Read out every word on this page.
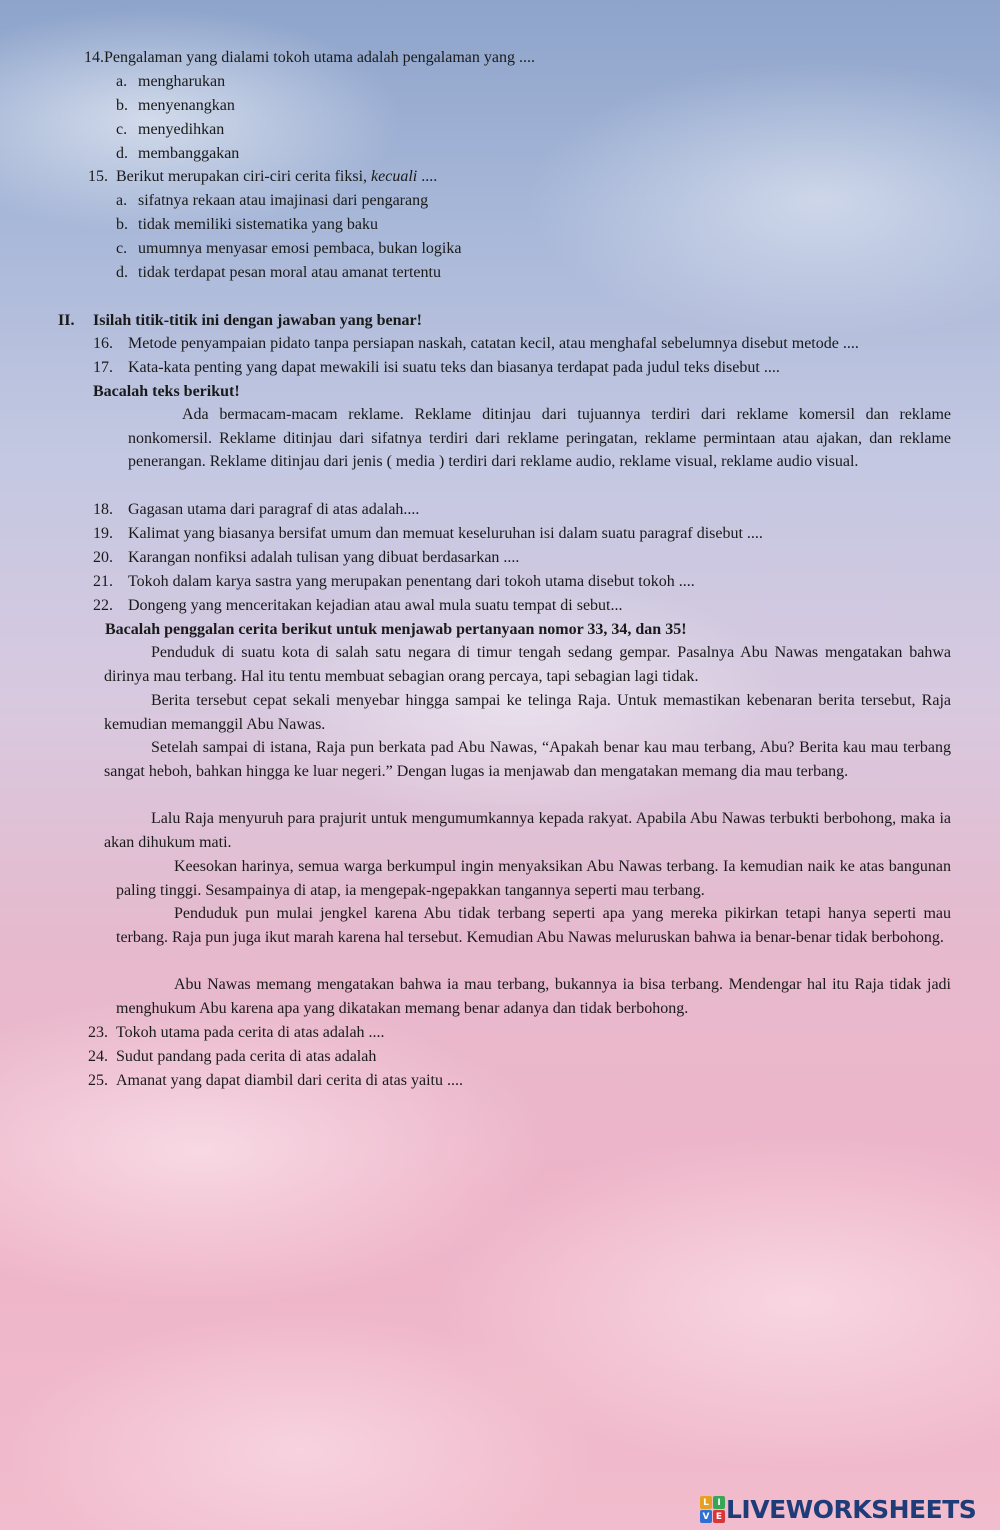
14.Pengalaman yang dialami tokoh utama adalah pengalaman yang ....
a. mengharukan
b. menyenangkan
c. menyedihkan
d. membanggakan
15. Berikut merupakan ciri-ciri cerita fiksi, kecuali ....
a. sifatnya rekaan atau imajinasi dari pengarang
b. tidak memiliki sistematika yang baku
c. umumnya menyasar emosi pembaca, bukan logika
d. tidak terdapat pesan moral atau amanat tertentu
II. Isilah titik-titik ini dengan jawaban yang benar!
16. Metode penyampaian pidato tanpa persiapan naskah, catatan kecil, atau menghafal sebelumnya disebut metode ....
17. Kata-kata penting yang dapat mewakili isi suatu teks dan biasanya terdapat pada judul teks disebut ....
Bacalah teks berikut!
Ada bermacam-macam reklame. Reklame ditinjau dari tujuannya terdiri dari reklame komersil dan reklame nonkomersil. Reklame ditinjau dari sifatnya terdiri dari reklame peringatan, reklame permintaan atau ajakan, dan reklame penerangan. Reklame ditinjau dari jenis ( media ) terdiri dari reklame audio, reklame visual, reklame audio visual.
18. Gagasan utama dari paragraf di atas adalah....
19. Kalimat yang biasanya bersifat umum dan memuat keseluruhan isi dalam suatu paragraf disebut ....
20. Karangan nonfiksi adalah tulisan yang dibuat berdasarkan ....
21. Tokoh dalam karya sastra yang merupakan penentang dari tokoh utama disebut tokoh ....
22. Dongeng yang menceritakan kejadian atau awal mula suatu tempat di sebut...
Bacalah penggalan cerita berikut untuk menjawab pertanyaan nomor 33, 34, dan 35!
Penduduk di suatu kota di salah satu negara di timur tengah sedang gempar. Pasalnya Abu Nawas mengatakan bahwa dirinya mau terbang. Hal itu tentu membuat sebagian orang percaya, tapi sebagian lagi tidak.
Berita tersebut cepat sekali menyebar hingga sampai ke telinga Raja. Untuk memastikan kebenaran berita tersebut, Raja kemudian memanggil Abu Nawas.
Setelah sampai di istana, Raja pun berkata pad Abu Nawas, “Apakah benar kau mau terbang, Abu? Berita kau mau terbang sangat heboh, bahkan hingga ke luar negeri.” Dengan lugas ia menjawab dan mengatakan memang dia mau terbang.
Lalu Raja menyuruh para prajurit untuk mengumumkannya kepada rakyat. Apabila Abu Nawas terbukti berbohong, maka ia akan dihukum mati.
Keesokan harinya, semua warga berkumpul ingin menyaksikan Abu Nawas terbang. Ia kemudian naik ke atas bangunan paling tinggi. Sesampainya di atap, ia mengepak-ngepakkan tangannya seperti mau terbang.
Penduduk pun mulai jengkel karena Abu tidak terbang seperti apa yang mereka pikirkan tetapi hanya seperti mau terbang. Raja pun juga ikut marah karena hal tersebut. Kemudian Abu Nawas meluruskan bahwa ia benar-benar tidak berbohong.
Abu Nawas memang mengatakan bahwa ia mau terbang, bukannya ia bisa terbang. Mendengar hal itu Raja tidak jadi menghukum Abu karena apa yang dikatakan memang benar adanya dan tidak berbohong.
23. Tokoh utama pada cerita di atas adalah ....
24. Sudut pandang pada cerita di atas adalah
25. Amanat yang dapat diambil dari cerita di atas yaitu ....
L I
V E LIVEWORKSHEETS
